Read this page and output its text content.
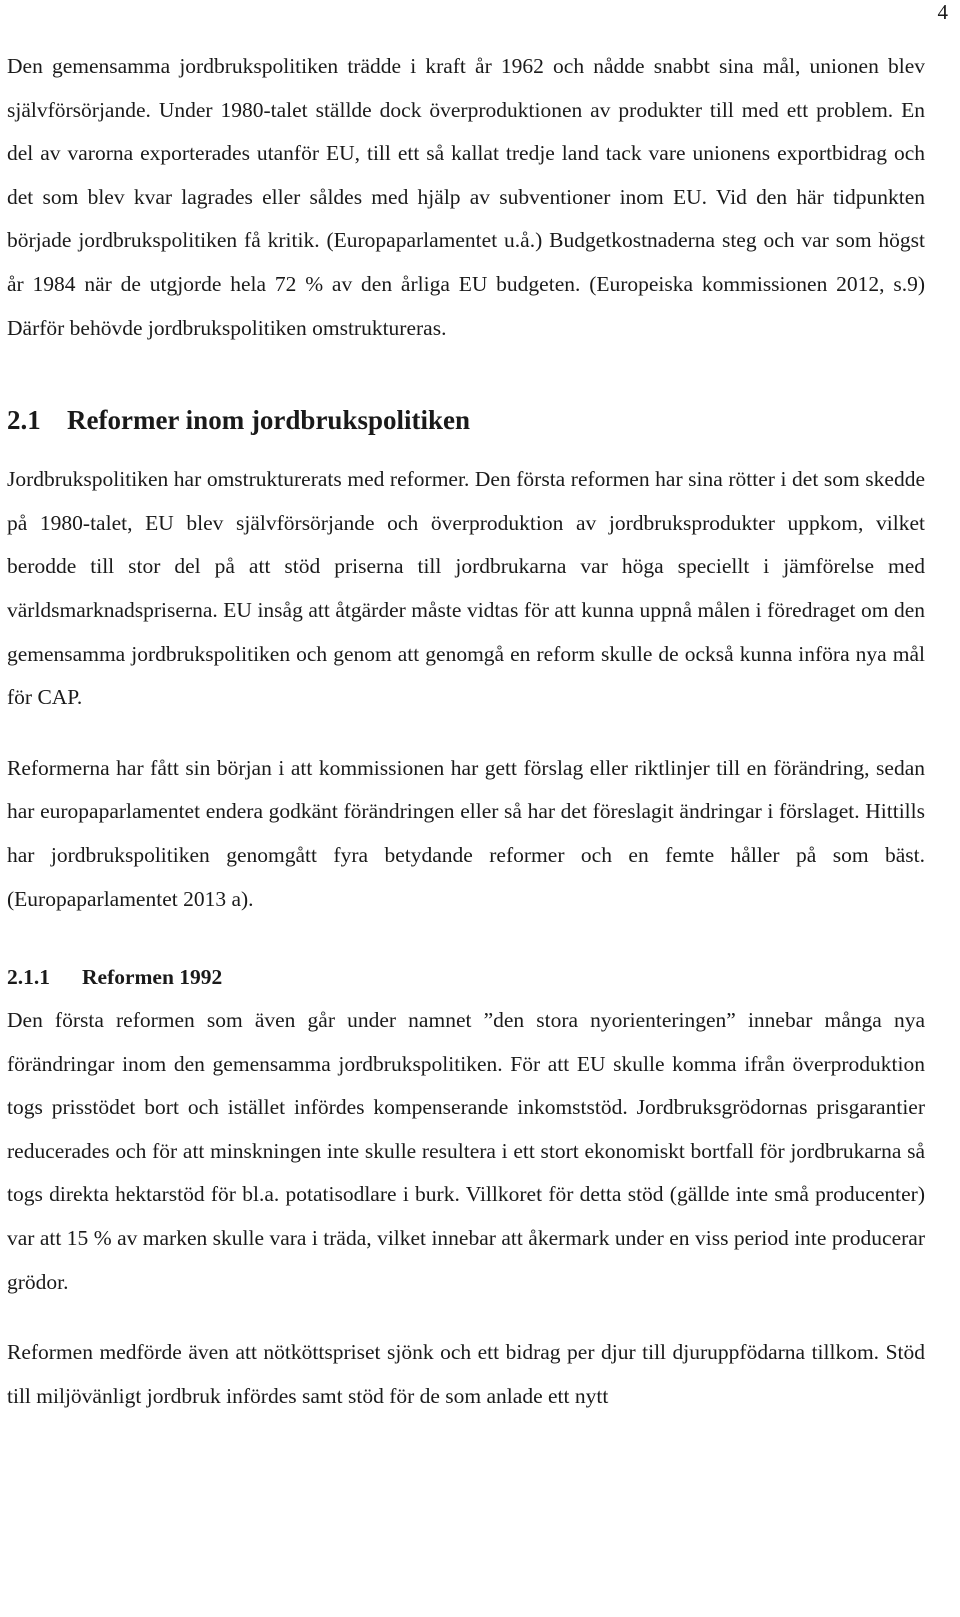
4

Den gemensamma jordbrukspolitiken trädde i kraft år 1962 och nådde snabbt sina mål, unionen blev självförsörjande. Under 1980-talet ställde dock överproduktionen av produkter till med ett problem. En del av varorna exporterades utanför EU, till ett så kallat tredje land tack vare unionens exportbidrag och det som blev kvar lagrades eller såldes med hjälp av subventioner inom EU. Vid den här tidpunkten började jordbrukspolitiken få kritik. (Europaparlamentet u.å.) Budgetkostnaderna steg och var som högst år 1984 när de utgjorde hela 72 % av den årliga EU budgeten. (Europeiska kommissionen 2012, s.9) Därför behövde jordbrukspolitiken omstruktureras.

2.1 Reformer inom jordbrukspolitiken

Jordbrukspolitiken har omstrukturerats med reformer. Den första reformen har sina rötter i det som skedde på 1980-talet, EU blev självförsörjande och överproduktion av jordbruksprodukter uppkom, vilket berodde till stor del på att stöd priserna till jordbrukarna var höga speciellt i jämförelse med världsmarknadspriserna. EU insåg att åtgärder måste vidtas för att kunna uppnå målen i föredraget om den gemensamma jordbrukspolitiken och genom att genomgå en reform skulle de också kunna införa nya mål för CAP.

Reformerna har fått sin början i att kommissionen har gett förslag eller riktlinjer till en förändring, sedan har europaparlamentet endera godkänt förändringen eller så har det föreslagit ändringar i förslaget. Hittills har jordbrukspolitiken genomgått fyra betydande reformer och en femte håller på som bäst. (Europaparlamentet 2013 a).

2.1.1 Reformen 1992

Den första reformen som även går under namnet ”den stora nyorienteringen” innebar många nya förändringar inom den gemensamma jordbrukspolitiken. För att EU skulle komma ifrån överproduktion togs prisstödet bort och istället infördes kompenserande inkomststöd. Jordbruksgrödornas prisgarantier reducerades och för att minskningen inte skulle resultera i ett stort ekonomiskt bortfall för jordbrukarna så togs direkta hektarstöd för bl.a. potatisodlare i burk. Villkoret för detta stöd (gällde inte små producenter) var att 15 % av marken skulle vara i träda, vilket innebar att åkermark under en viss period inte producerar grödor.

Reformen medförde även att nötköttspriset sjönk och ett bidrag per djur till djuruppfödarna tillkom. Stöd till miljövänligt jordbruk infördes samt stöd för de som anlade ett nytt
